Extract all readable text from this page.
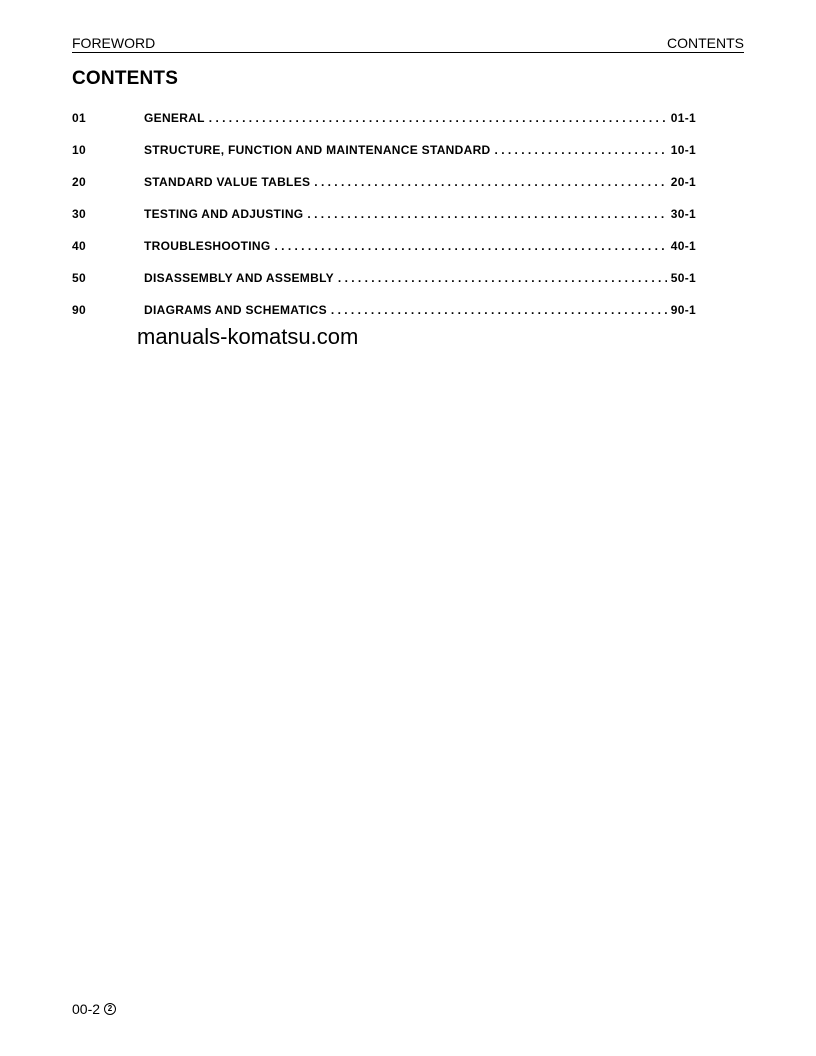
FOREWORD	CONTENTS
CONTENTS
01	GENERAL . . .	01-1
10	STRUCTURE, FUNCTION AND MAINTENANCE STANDARD . . .	10-1
20	STANDARD VALUE TABLES . . .	20-1
30	TESTING AND ADJUSTING . . .	30-1
40	TROUBLESHOOTING . . .	40-1
50	DISASSEMBLY AND ASSEMBLY . . .	50-1
90	DIAGRAMS AND SCHEMATICS . . .	90-1
manuals-komatsu.com
00-2 2
